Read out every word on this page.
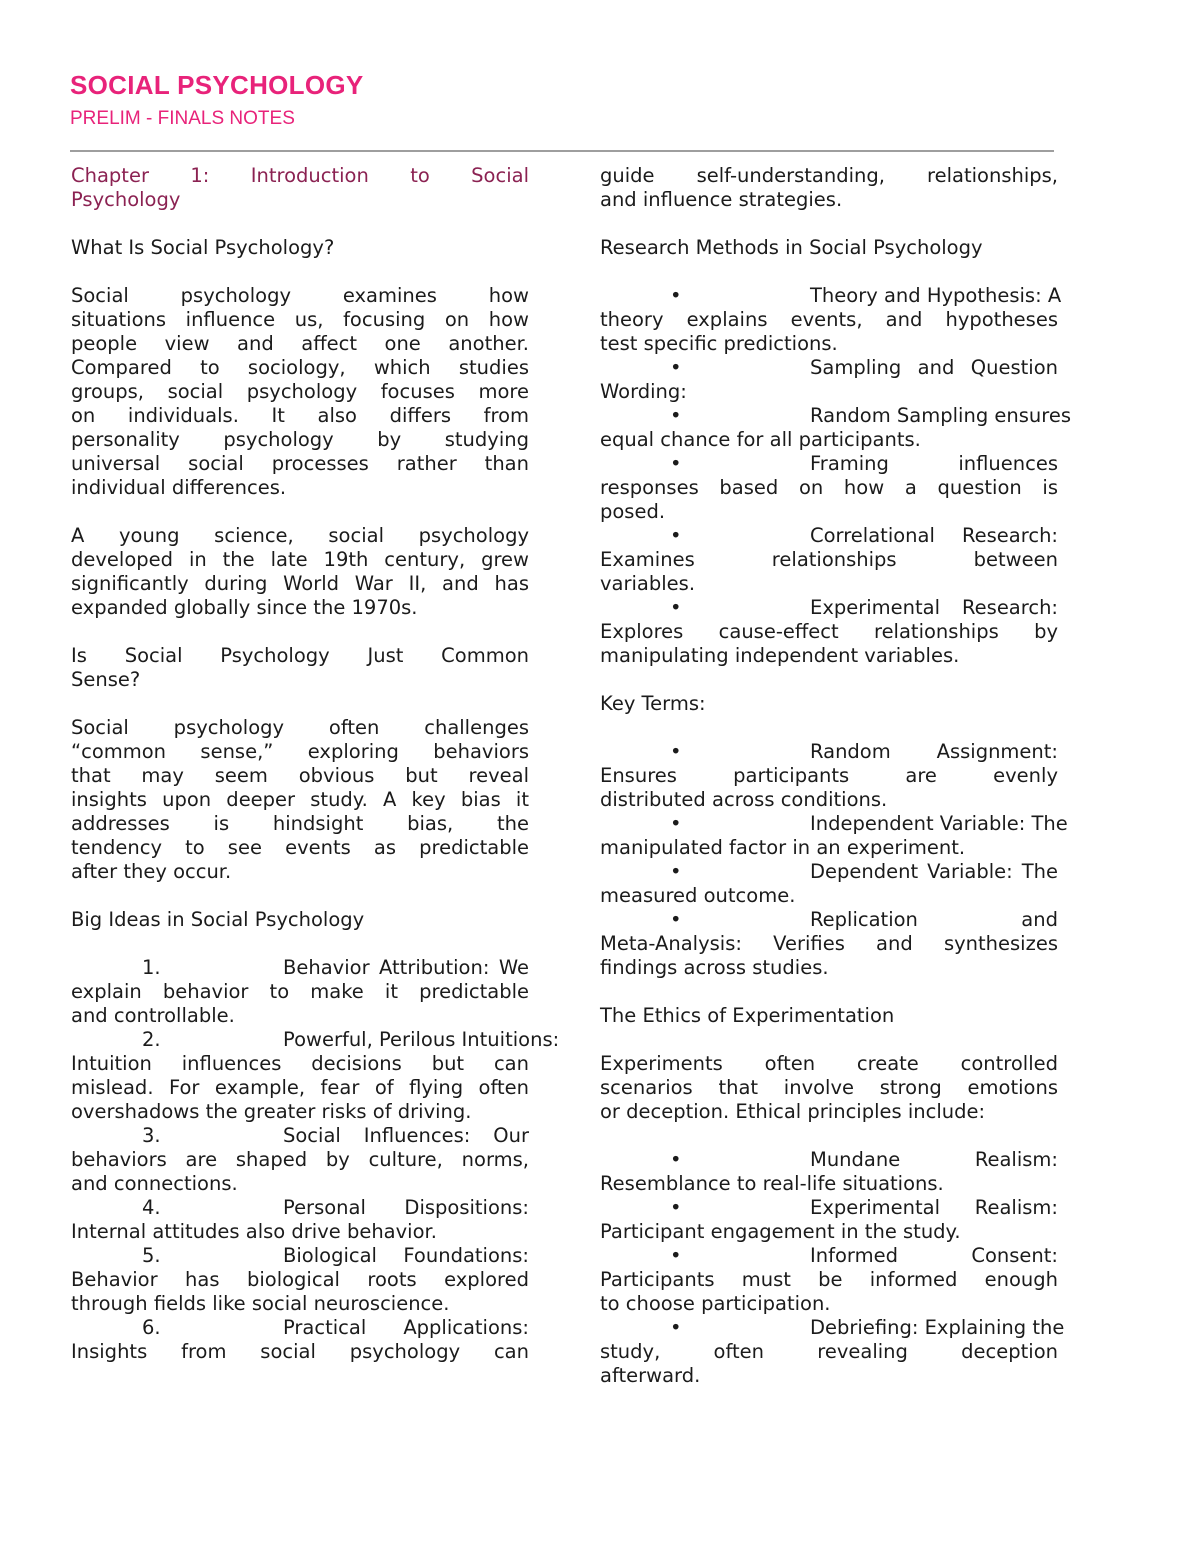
SOCIAL PSYCHOLOGY

PRELIM - FINALS NOTES

Chapter 1: Introduction to Social
Psychology
What Is Social Psychology?
Social psychology examines how
situations influence us, focusing on how
people view and affect one another.
Compared to sociology, which studies
groups, social psychology focuses more
on individuals. It also differs from
personality psychology by studying
universal social processes rather than
individual differences.
A young science, social psychology
developed in the late 19th century, grew
significantly during World War II, and has
expanded globally since the 1970s.
Is Social Psychology Just Common
Sense?
Social psychology often challenges
“common sense,” exploring behaviors
that may seem obvious but reveal
insights upon deeper study. A key bias it
addresses is hindsight bias, the
tendency to see events as predictable
after they occur.
Big Ideas in Social Psychology
1.	Behavior Attribution: We
explain behavior to make it predictable
and controllable.
2.	Powerful, Perilous Intuitions:
Intuition influences decisions but can
mislead. For example, fear of flying often
overshadows the greater risks of driving.
3.	Social Influences: Our
behaviors are shaped by culture, norms,
and connections.
4.	Personal Dispositions:
Internal attitudes also drive behavior.
5.	Biological Foundations:
Behavior has biological roots explored
through fields like social neuroscience.
6.	Practical Applications:
Insights from social psychology can
guide self-understanding, relationships,
and influence strategies.
Research Methods in Social Psychology
•	Theory and Hypothesis: A
theory explains events, and hypotheses
test specific predictions.
•	Sampling and Question
Wording:
•	Random Sampling ensures
equal chance for all participants.
•	Framing influences
responses based on how a question is
posed.
•	Correlational Research:
Examines relationships between
variables.
•	Experimental Research:
Explores cause-effect relationships by
manipulating independent variables.
Key Terms:
•	Random Assignment:
Ensures participants are evenly
distributed across conditions.
•	Independent Variable: The
manipulated factor in an experiment.
•	Dependent Variable: The
measured outcome.
•	Replication and
Meta-Analysis: Verifies and synthesizes
findings across studies.
The Ethics of Experimentation
Experiments often create controlled
scenarios that involve strong emotions
or deception. Ethical principles include:
•	Mundane Realism:
Resemblance to real-life situations.
•	Experimental Realism:
Participant engagement in the study.
•	Informed Consent:
Participants must be informed enough
to choose participation.
•	Debriefing: Explaining the
study, often revealing deception
afterward.
